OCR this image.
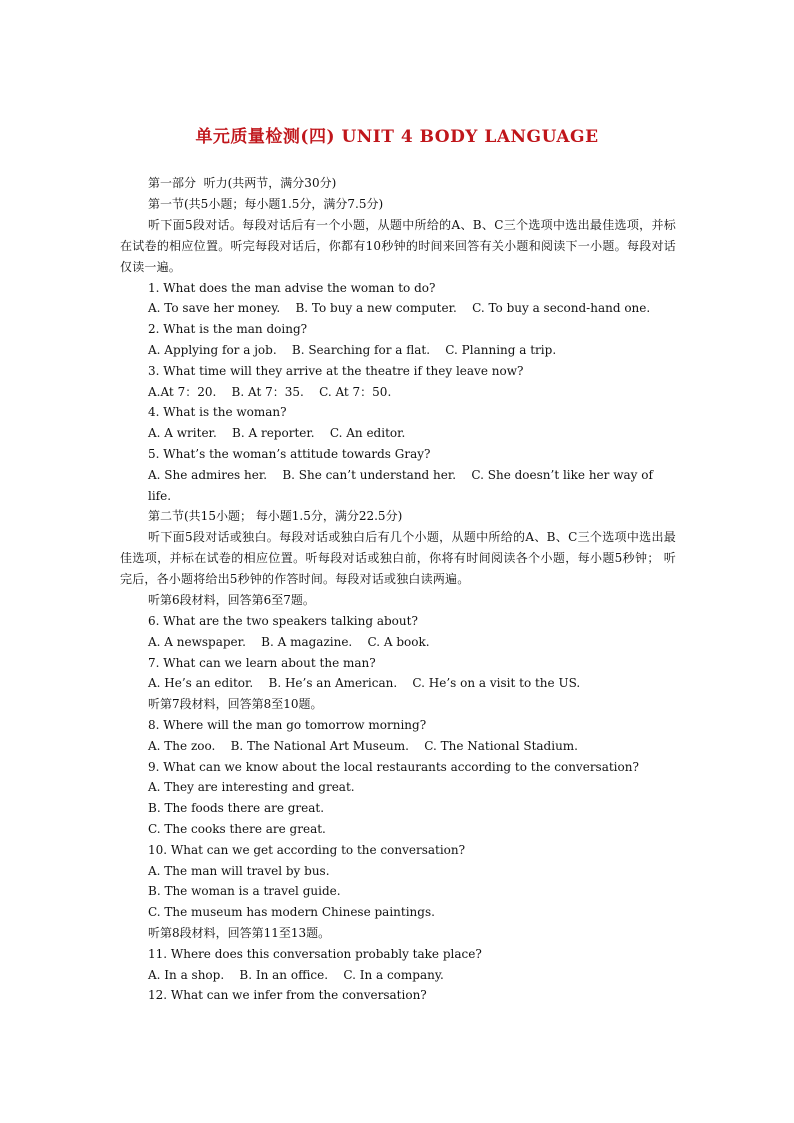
单元质量检测(四) UNIT 4 BODY LANGUAGE
第一部分  听力(共两节，满分30分)
第一节(共5小题；每小题1.5分，满分7.5分)
听下面5段对话。每段对话后有一个小题，从题中所给的A、B、C三个选项中选出最佳选项，并标在试卷的相应位置。听完每段对话后，你都有10秒钟的时间来回答有关小题和阅读下一小题。每段对话仅读一遍。
1. What does the man advise the woman to do?
A. To save her money.    B. To buy a new computer.    C. To buy a second-hand one.
2. What is the man doing?
A. Applying for a job.    B. Searching for a flat.    C. Planning a trip.
3. What time will they arrive at the theatre if they leave now?
A.At 7：20.    B. At 7：35.    C. At 7：50.
4. What is the woman?
A. A writer.    B. A reporter.    C. An editor.
5. What’s the woman’s attitude towards Gray?
A. She admires her.    B. She can’t understand her.    C. She doesn’t like her way of life.
第二节(共15小题； 每小题1.5分，满分22.5分)
听下面5段对话或独白。每段对话或独白后有几个小题，从题中所给的A、B、C三个选项中选出最佳选项，并标在试卷的相应位置。听每段对话或独白前，你将有时间阅读各个小题，每小题5秒钟； 听完后，各小题将给出5秒钟的作答时间。每段对话或独白读两遍。
听第6段材料，回答第6至7题。
6. What are the two speakers talking about?
A. A newspaper.    B. A magazine.    C. A book.
7. What can we learn about the man?
A. He’s an editor.    B. He’s an American.    C. He’s on a visit to the US.
听第7段材料，回答第8至10题。
8. Where will the man go tomorrow morning?
A. The zoo.    B. The National Art Museum.    C. The National Stadium.
9. What can we know about the local restaurants according to the conversation?
A. They are interesting and great.
B. The foods there are great.
C. The cooks there are great.
10. What can we get according to the conversation?
A. The man will travel by bus.
B. The woman is a travel guide.
C. The museum has modern Chinese paintings.
听第8段材料，回答第11至13题。
11. Where does this conversation probably take place?
A. In a shop.    B. In an office.    C. In a company.
12. What can we infer from the conversation?
